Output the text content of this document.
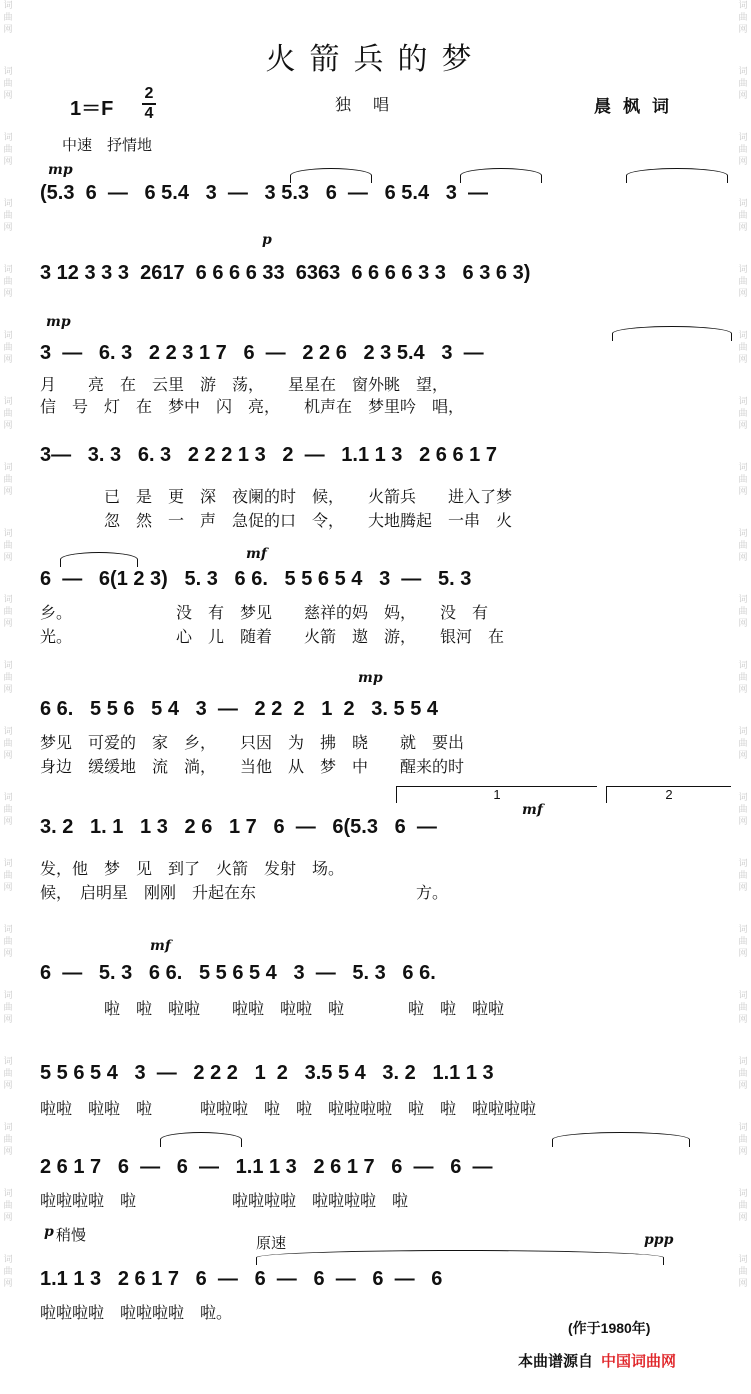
词
曲
网
词
曲
网
词
曲
网
词
曲
网
词
曲
网
词
曲
网
词
曲
网
词
曲
网
词
曲
网
词
曲
网
词
曲
网
词
曲
网
词
曲
网
词
曲
网
词
曲
网
词
曲
网
词
曲
网
词
曲
网
词
曲
网
词
曲
网
词
曲
网
词
曲
网
词
曲
网
词
曲
网
词
曲
网
词
曲
网
词
曲
网
词
曲
网
词
曲
网
词
曲
网
词
曲
网
词
曲
网
词
曲
网
词
曲
网
词
曲
网
词
曲
网
词
曲
网
词
曲
网
词
曲
网
词
曲
网
火箭兵的梦
1＝F
2
4	独唱	晨枫词
中速　抒情地
mp
(5.3  6  —   6 5.4   3  —   3 5.3   6  —   6 5.4   3  —
p
3 12 3 3 3  2617  6 6 6 6 33  6363  6 6 6 6 3 3   6 3 6 3)
mp
3  —   6. 3   2 2 3 1 7   6  —   2 2 6   2 3 5.4   3  —
月　　亮　在　云里　游　荡，　　星星在　窗外眺　望，
信　号　灯　在　梦中　闪　亮，　　机声在　梦里吟　唱，
3—   3. 3   6. 3   2 2 2 1 3   2  —   1.1 1 3   2 6 6 1 7
　　　　已　是　更　深　夜阑的时　候，　　火箭兵　　进入了梦
　　　　忽　然　一　声　急促的口　令，　　大地腾起　一串　火
mf
6  —   6(1 2 3)   5. 3   6 6.   5 5 6 5 4   3  —   5. 3
乡。　　　　　　　没　有　梦见　　慈祥的妈　妈，　　没　有
光。　　　　　　　心　儿　随着　　火箭　遨　游，　　银河　在
mp
6 6.   5 5 6   5 4   3  —   2 2  2   1  2   3. 5 5 4
梦见　可爱的　家　乡，　　只因　为　拂　晓　　就　要出
身边　缓缓地　流　淌，　　当他　从　梦　中　　醒来的时
1	2
mf
3. 2   1. 1   1 3   2 6   1 7   6  —   6(5.3   6  —
发，他　梦　见　到了　火箭　发射　场。
候，　启明星　刚刚　升起在东　　　　　　　　　　方。
mf
6  —   5. 3   6 6.   5 5 6 5 4   3  —   5. 3   6 6.
　　　　啦　啦　啦啦　　啦啦　啦啦　啦　　　　啦　啦　啦啦
5 5 6 5 4   3  —   2 2 2   1  2   3.5 5 4   3. 2   1.1 1 3
啦啦　啦啦　啦　　　啦啦啦　啦　啦　啦啦啦啦　啦　啦　啦啦啦啦
2 6 1 7   6  —   6  —   1.1 1 3   2 6 1 7   6  —   6  —
啦啦啦啦　啦　　　　　　啦啦啦啦　啦啦啦啦　啦
p 稍慢	原速	ppp
1.1 1 3   2 6 1 7   6  —   6  —   6  —   6  —   6
啦啦啦啦　啦啦啦啦　啦。
(作于1980年)
本曲谱源自 中国词曲网
